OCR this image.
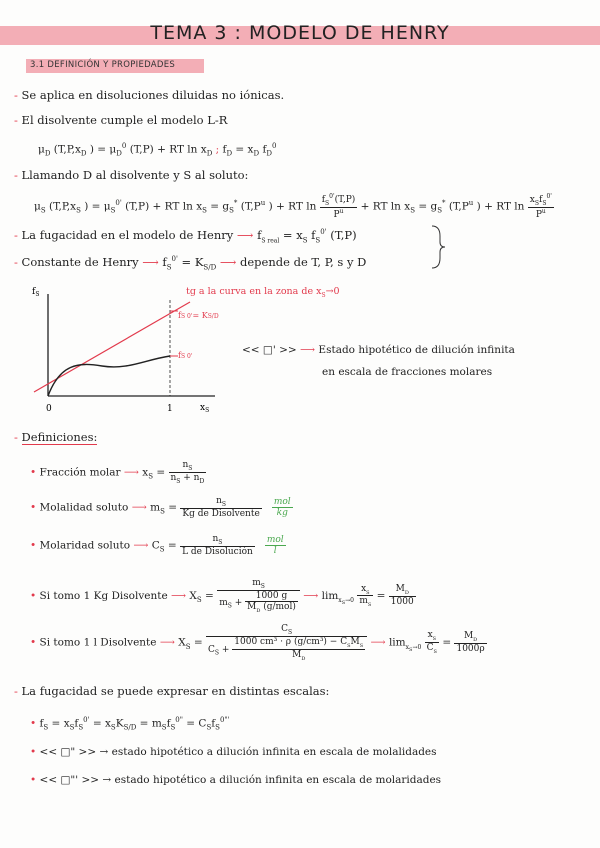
TEMA 3 : MODELO DE HENRY
3.1 DEFINICIÓN Y PROPIEDADES
- Se aplica en disoluciones diluidas no iónicas.
- El disolvente cumple el modelo L-R
$\mu_D$ ($T,P,x_D$ ) = $\mu_D^0$ (T,P) + RT $\ln x_D$ ; $f_D = x_D$ $f_D^0$
- Llamando D al disolvente y S al soluto:
$\mu_S$ ($T,P,x_S$ ) = $\mu_S^{0'}$ (T,P) + RT $\ln x_S = g_S^*$ ($T,P^u$ ) + RT $\ln \frac{f_S^{0'}(T,P)}{P^u}$ + RT $\ln x_S = g_S^*$ ($T,P^u$ ) + RT $\ln \frac{x_Sf_S^{0'}}{P^u}$
- La fugacidad en el modelo de Henry ⟶ $f_{S real} = x_S$ $f_S^{0'}$ (T,P)
- Constante de Henry ⟶ $f_S^{0'} = K_{S/D}$ ⟶ depende de T, P, s y D
$f_S$
$x_S$
0	1
fS 0'= KS/D
fS 0'
tg a la curva en la zona de $x_S\to 0$
<< □' >> ⟶ Estado hipotético de dilución infinita
en escala de fracciones molares
- Definiciones:
• Fracción molar ⟶ $x_S = \frac{n_S}{n_S + n_D}$
• Molalidad soluto ⟶ $m_S = \frac{n_S}{\text{Kg de Disolvente}}$
$\frac{\text{mol}}{kg}$
• Molaridad soluto ⟶ $C_S = \frac{n_S}{\text{L de Disolución}}$
$\frac{\text{mol}}{l}$
• Si tomo 1 Kg Disolvente ⟶ $X_S = \frac{m_S}{m_S + \frac{1000 g}{M_D (g/mol)}}$ ⟶ $\lim_{x_S\to 0} \frac{x_S}{m_S} = \frac{M_D}{1000}$
• Si tomo 1 l Disolvente ⟶ $X_S = \frac{C_S}{C_S + \frac{1000 cm^3 \cdot \rho (g/cm^3) - C_SM_S}{M_D}}$ ⟶ $\lim_{x_S\to 0} \frac{x_S}{C_S} = \frac{M_D}{1000\rho}$
- La fugacidad se puede expresar en distintas escalas:
• $f_S = x_Sf_S^{0'} = x_SK_{S/D} = m_Sf_S^{0"} = C_Sf_S^{0"'}$
• << □" >> → estado hipotético a dilución infinita en escala de molalidades
• << □"' >> → estado hipotético a dilución infinita en escala de molaridades
